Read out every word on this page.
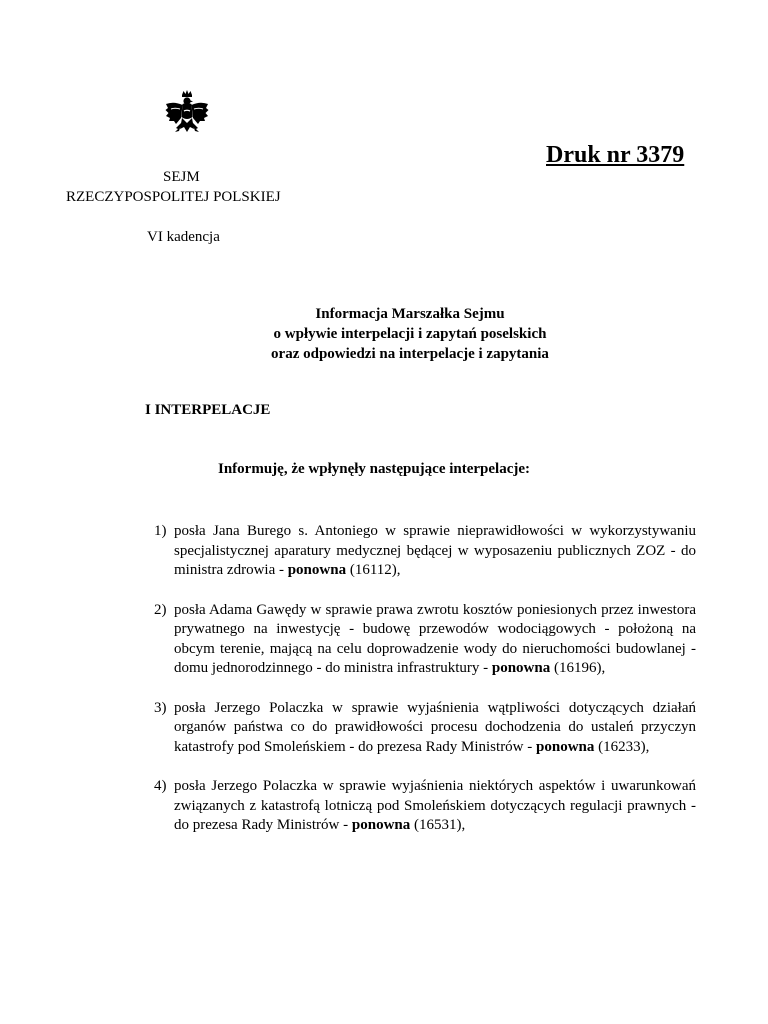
Druk nr 3379
SEJM
RZECZYPOSPOLITEJ POLSKIEJ
VI kadencja
Informacja Marszałka Sejmu
o wpływie interpelacji i zapytań poselskich
oraz odpowiedzi na interpelacje i zapytania
I INTERPELACJE
Informuję, że wpłynęły następujące interpelacje:
1) posła Jana Burego s. Antoniego w sprawie nieprawidłowości w wykorzystywaniu specjalistycznej aparatury medycznej będącej w wyposazeniu publicznych ZOZ - do ministra zdrowia - ponowna (16112),
2) posła Adama Gawędy w sprawie prawa zwrotu kosztów poniesionych przez inwestora prywatnego na inwestycję - budowę przewodów wodociągowych - położoną na obcym terenie, mającą na celu doprowadzenie wody do nieruchomości budowlanej - domu jednorodzinnego - do ministra infrastruktury - ponowna (16196),
3) posła Jerzego Polaczka w sprawie wyjaśnienia wątpliwości dotyczących działań organów państwa co do prawidłowości procesu dochodzenia do ustaleń przyczyn katastrofy pod Smoleńskiem - do prezesa Rady Ministrów - ponowna (16233),
4) posła Jerzego Polaczka w sprawie wyjaśnienia niektórych aspektów i uwarunkowań związanych z katastrofą lotniczą pod Smoleńskiem dotyczących regulacji prawnych - do prezesa Rady Ministrów - ponowna (16531),
